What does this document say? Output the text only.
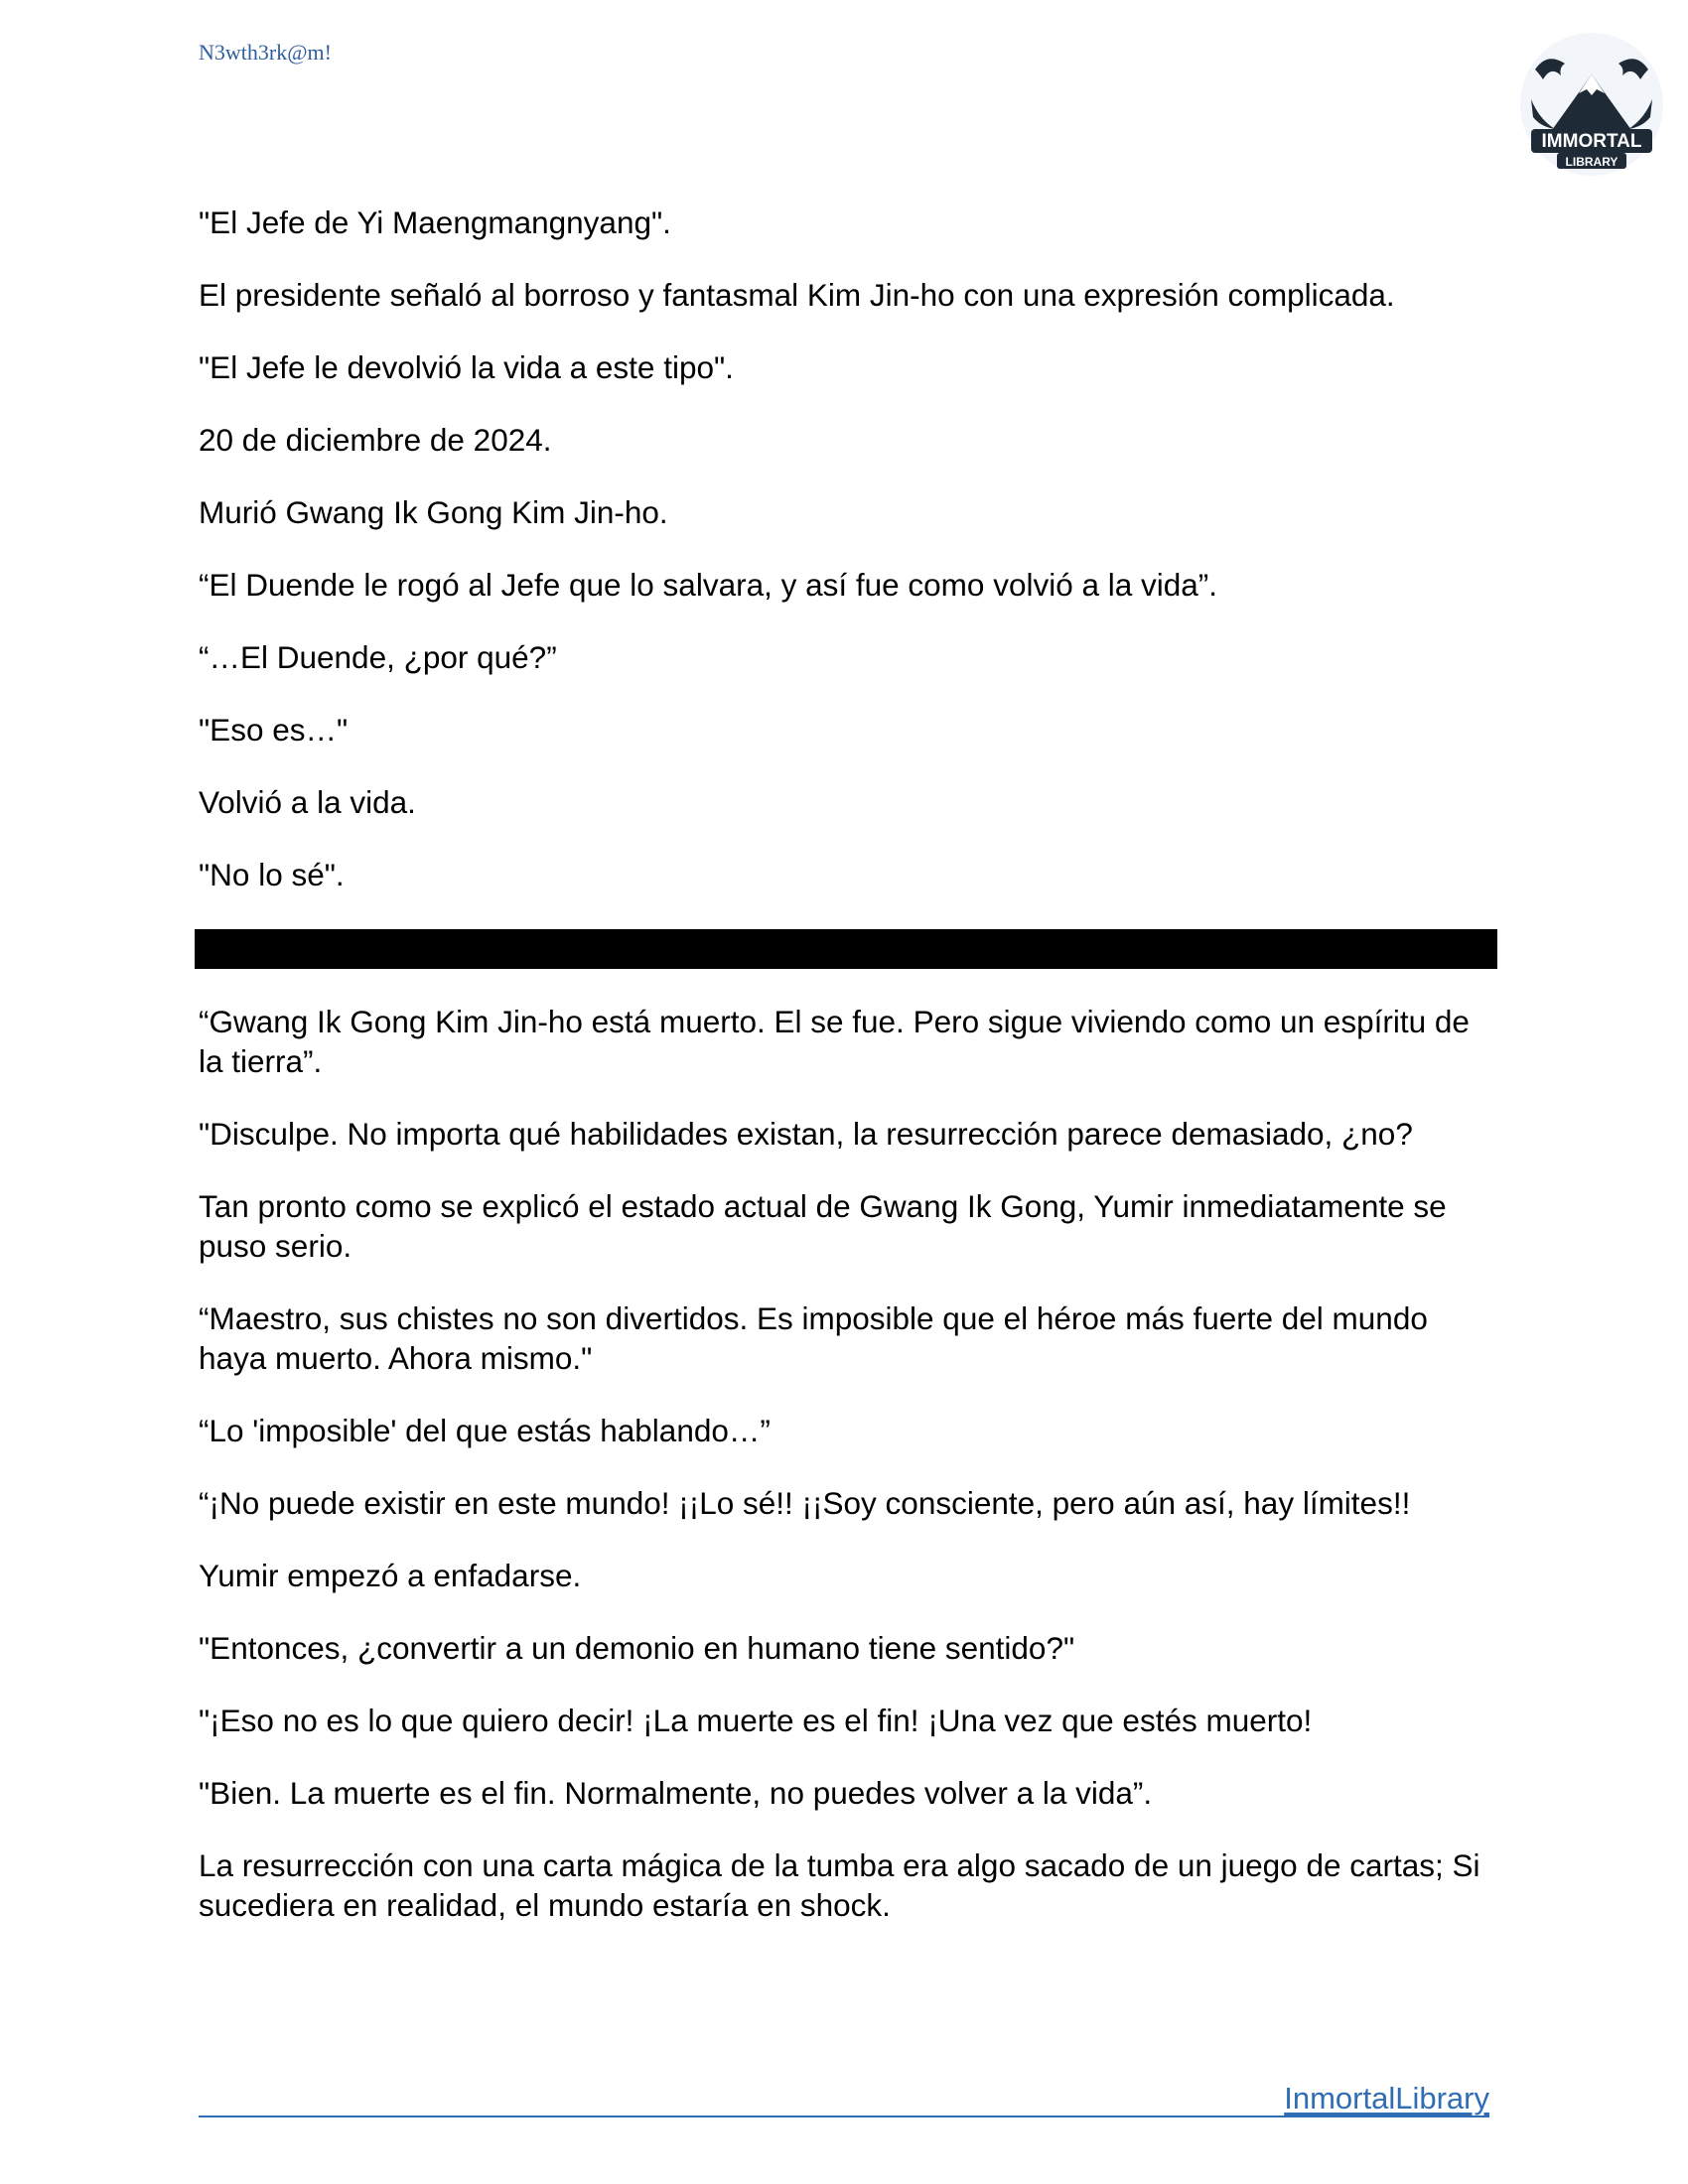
N3wth3rk@m!
IMMORTAL
LIBRARY

"El Jefe de Yi Maengmangnyang".

El presidente señaló al borroso y fantasmal Kim Jin-ho con una expresión complicada.

"El Jefe le devolvió la vida a este tipo".

20 de diciembre de 2024.

Murió Gwang Ik Gong Kim Jin-ho.

“El Duende le rogó al Jefe que lo salvara, y así fue como volvió a la vida”.

“…El Duende, ¿por qué?”

"Eso es…"

Volvió a la vida.

"No lo sé".

“Gwang Ik Gong Kim Jin-ho está muerto. El se fue. Pero sigue viviendo como un espíritu de la tierra”.

"Disculpe. No importa qué habilidades existan, la resurrección parece demasiado, ¿no?

Tan pronto como se explicó el estado actual de Gwang Ik Gong, Yumir inmediatamente se puso serio.

“Maestro, sus chistes no son divertidos. Es imposible que el héroe más fuerte del mundo haya muerto. Ahora mismo."

“Lo 'imposible' del que estás hablando…”

“¡No puede existir en este mundo! ¡¡Lo sé!! ¡¡Soy consciente, pero aún así, hay límites!!

Yumir empezó a enfadarse.

"Entonces, ¿convertir a un demonio en humano tiene sentido?"

"¡Eso no es lo que quiero decir! ¡La muerte es el fin! ¡Una vez que estés muerto!

"Bien. La muerte es el fin. Normalmente, no puedes volver a la vida”.

La resurrección con una carta mágica de la tumba era algo sacado de un juego de cartas; Si sucediera en realidad, el mundo estaría en shock.

InmortalLibrary
